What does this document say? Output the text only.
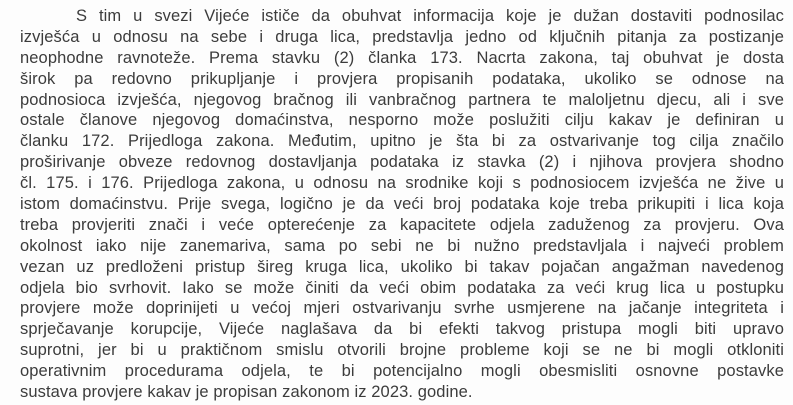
S tim u svezi Vijeće ističe da obuhvat informacija koje je dužan dostaviti podnosilac
izvješća u odnosu na sebe i druga lica, predstavlja jedno od ključnih pitanja za postizanje
neophodne ravnoteže. Prema stavku (2) članka 173. Nacrta zakona, taj obuhvat je dosta
širok pa redovno prikupljanje i provjera propisanih podataka, ukoliko se odnose na
podnosioca izvješća, njegovog bračnog ili vanbračnog partnera te maloljetnu djecu, ali i sve
ostale članove njegovog domaćinstva, nesporno može poslužiti cilju kakav je definiran u
članku 172. Prijedloga zakona. Međutim, upitno je šta bi za ostvarivanje tog cilja značilo
proširivanje obveze redovnog dostavljanja podataka iz stavka (2) i njihova provjera shodno
čl. 175. i 176. Prijedloga zakona, u odnosu na srodnike koji s podnosiocem izvješća ne žive u
istom domaćinstvu. Prije svega, logično je da veći broj podataka koje treba prikupiti i lica koja
treba provjeriti znači i veće opterećenje za kapacitete odjela zaduženog za provjeru. Ova
okolnost iako nije zanemariva, sama po sebi ne bi nužno predstavljala i najveći problem
vezan uz predloženi pristup šireg kruga lica, ukoliko bi takav pojačan angažman navedenog
odjela bio svrhovit. Iako se može činiti da veći obim podataka za veći krug lica u postupku
provjere može doprinijeti u većoj mjeri ostvarivanju svrhe usmjerene na jačanje integriteta i
sprječavanje korupcije, Vijeće naglašava da bi efekti takvog pristupa mogli biti upravo
suprotni, jer bi u praktičnom smislu otvorili brojne probleme koji se ne bi mogli otkloniti
operativnim procedurama odjela, te bi potencijalno mogli obesmisliti osnovne postavke
sustava provjere kakav je propisan zakonom iz 2023. godine.
